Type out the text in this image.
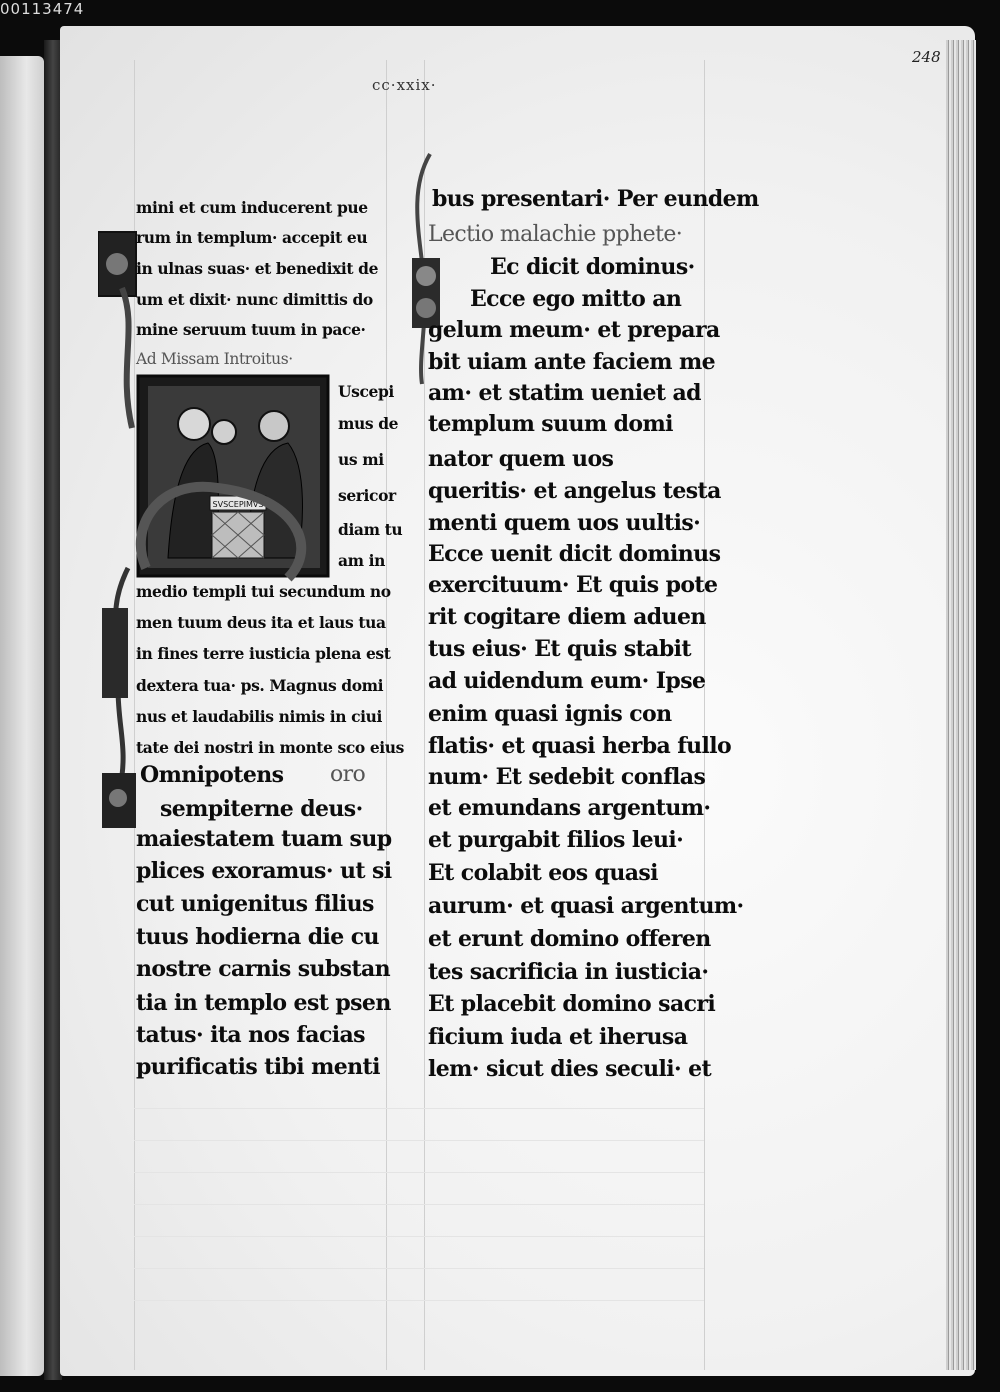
00113474
248
cc·xxix·
SVSCEPIMVS
mini et cum inducerent pue
rum in templum· accepit eu
in ulnas suas· et benedixit de
um et dixit· nunc dimittis do
mine seruum tuum in pace·
Ad Missam Introitus·
Uscepi
mus de
us mi
sericor
diam tu
am in
medio templi tui secundum no
men tuum deus ita et laus tua
in fines terre iusticia plena est
dextera tua· ps. Magnus domi
nus et laudabilis nimis in ciui
tate dei nostri in monte sco eius
Omnipotens oro
sempiterne deus·
maiestatem tuam sup
plices exoramus· ut si
cut unigenitus filius
tuus hodierna die cu
nostre carnis substan
tia in templo est psen
tatus· ita nos facias
purificatis tibi menti
bus presentari· Per eundem
Lectio malachie pphete·
Ec dicit dominus·
Ecce ego mitto an
gelum meum· et prepara
bit uiam ante faciem me
am· et statim ueniet ad
templum suum domi
nator quem uos
queritis· et angelus testa
menti quem uos uultis·
Ecce uenit dicit dominus
exercituum· Et quis pote
rit cogitare diem aduen
tus eius· Et quis stabit
ad uidendum eum· Ipse
enim quasi ignis con
flatis· et quasi herba fullo
num· Et sedebit conflas
et emundans argentum·
et purgabit filios leui·
Et colabit eos quasi
aurum· et quasi argentum·
et erunt domino offeren
tes sacrificia in iusticia·
Et placebit domino sacri
ficium iuda et iherusa
lem· sicut dies seculi· et
